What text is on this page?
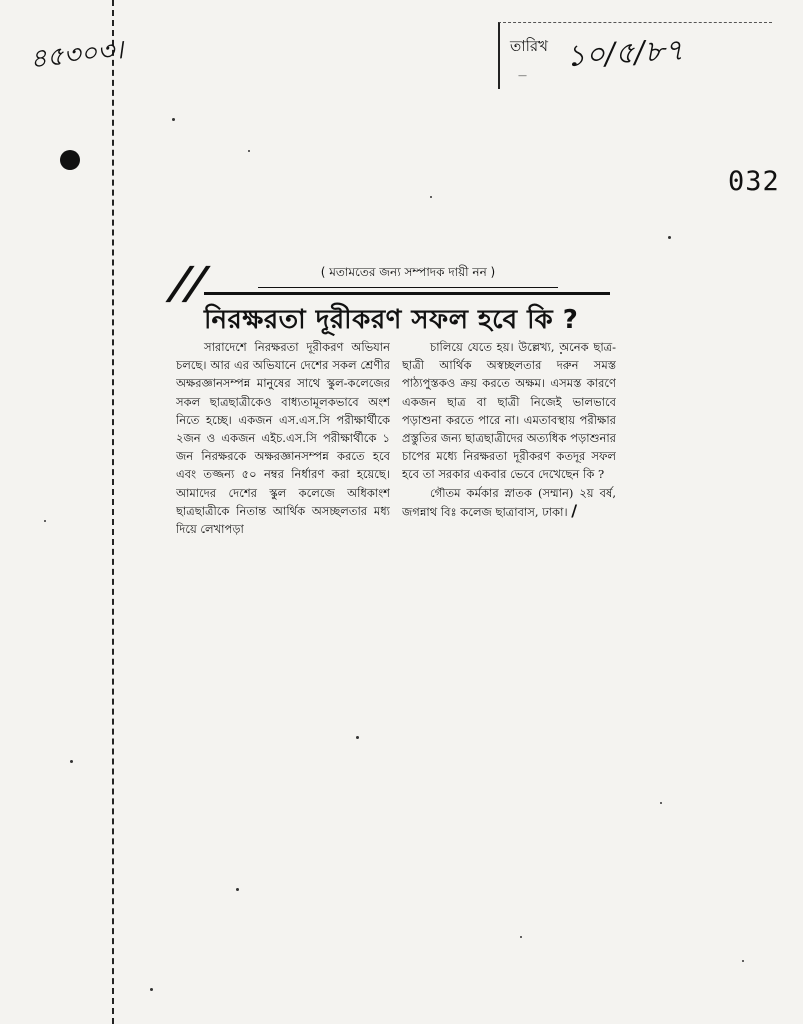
৪৫৩০৩।	তারিখ ১০/৫/৮৭
—
032
//	( মতামতের জন্য সম্পাদক দায়ী নন )
নিরক্ষরতা দূরীকরণ সফল হবে কি ?

সারাদেশে নিরক্ষরতা দূরীকরণ অভিযান চলছে। আর এর অভিযানে দেশের সকল শ্রেণীর অক্ষরজ্ঞানসম্পন্ন মানুষের সাথে স্কুল-কলেজের সকল ছাত্রছাত্রীকেও বাধ্যতামূলকভাবে অংশ নিতে হচ্ছে। একজন এস.এস.সি পরীক্ষার্থীকে ২জন ও একজন এইচ.এস.সি পরীক্ষার্থীকে ১ জন নিরক্ষরকে অক্ষরজ্ঞানসম্পন্ন করতে হবে এবং তজ্জন্য ৫০ নম্বর নির্ধারণ করা হয়েছে। আমাদের দেশের স্কুল কলেজে অধিকাংশ ছাত্রছাত্রীকে নিতান্ত আর্থিক অসচ্ছলতার মধ্য দিয়ে লেখাপড়া

চালিয়ে যেতে হয়। উল্লেখ্য, অনেক ছাত্র-ছাত্রী আর্থিক অস্বচ্ছলতার দরুন সমস্ত পাঠ্যপুস্তকও ক্রয় করতে অক্ষম। এসমস্ত কারণে একজন ছাত্র বা ছাত্রী নিজেই ভালভাবে পড়াশুনা করতে পারে না। এমতাবস্থায় পরীক্ষার প্রস্তুতির জন্য ছাত্রছাত্রীদের অত্যধিক পড়াশুনার চাপের মধ্যে নিরক্ষরতা দূরীকরণ কতদূর সফল হবে তা সরকার একবার ভেবে দেখেছেন কি ?

গৌতম কর্মকার স্নাতক (সম্মান) ২য় বর্ষ, জগন্নাথ বিঃ কলেজ ছাত্রাবাস, ঢাকা। /
